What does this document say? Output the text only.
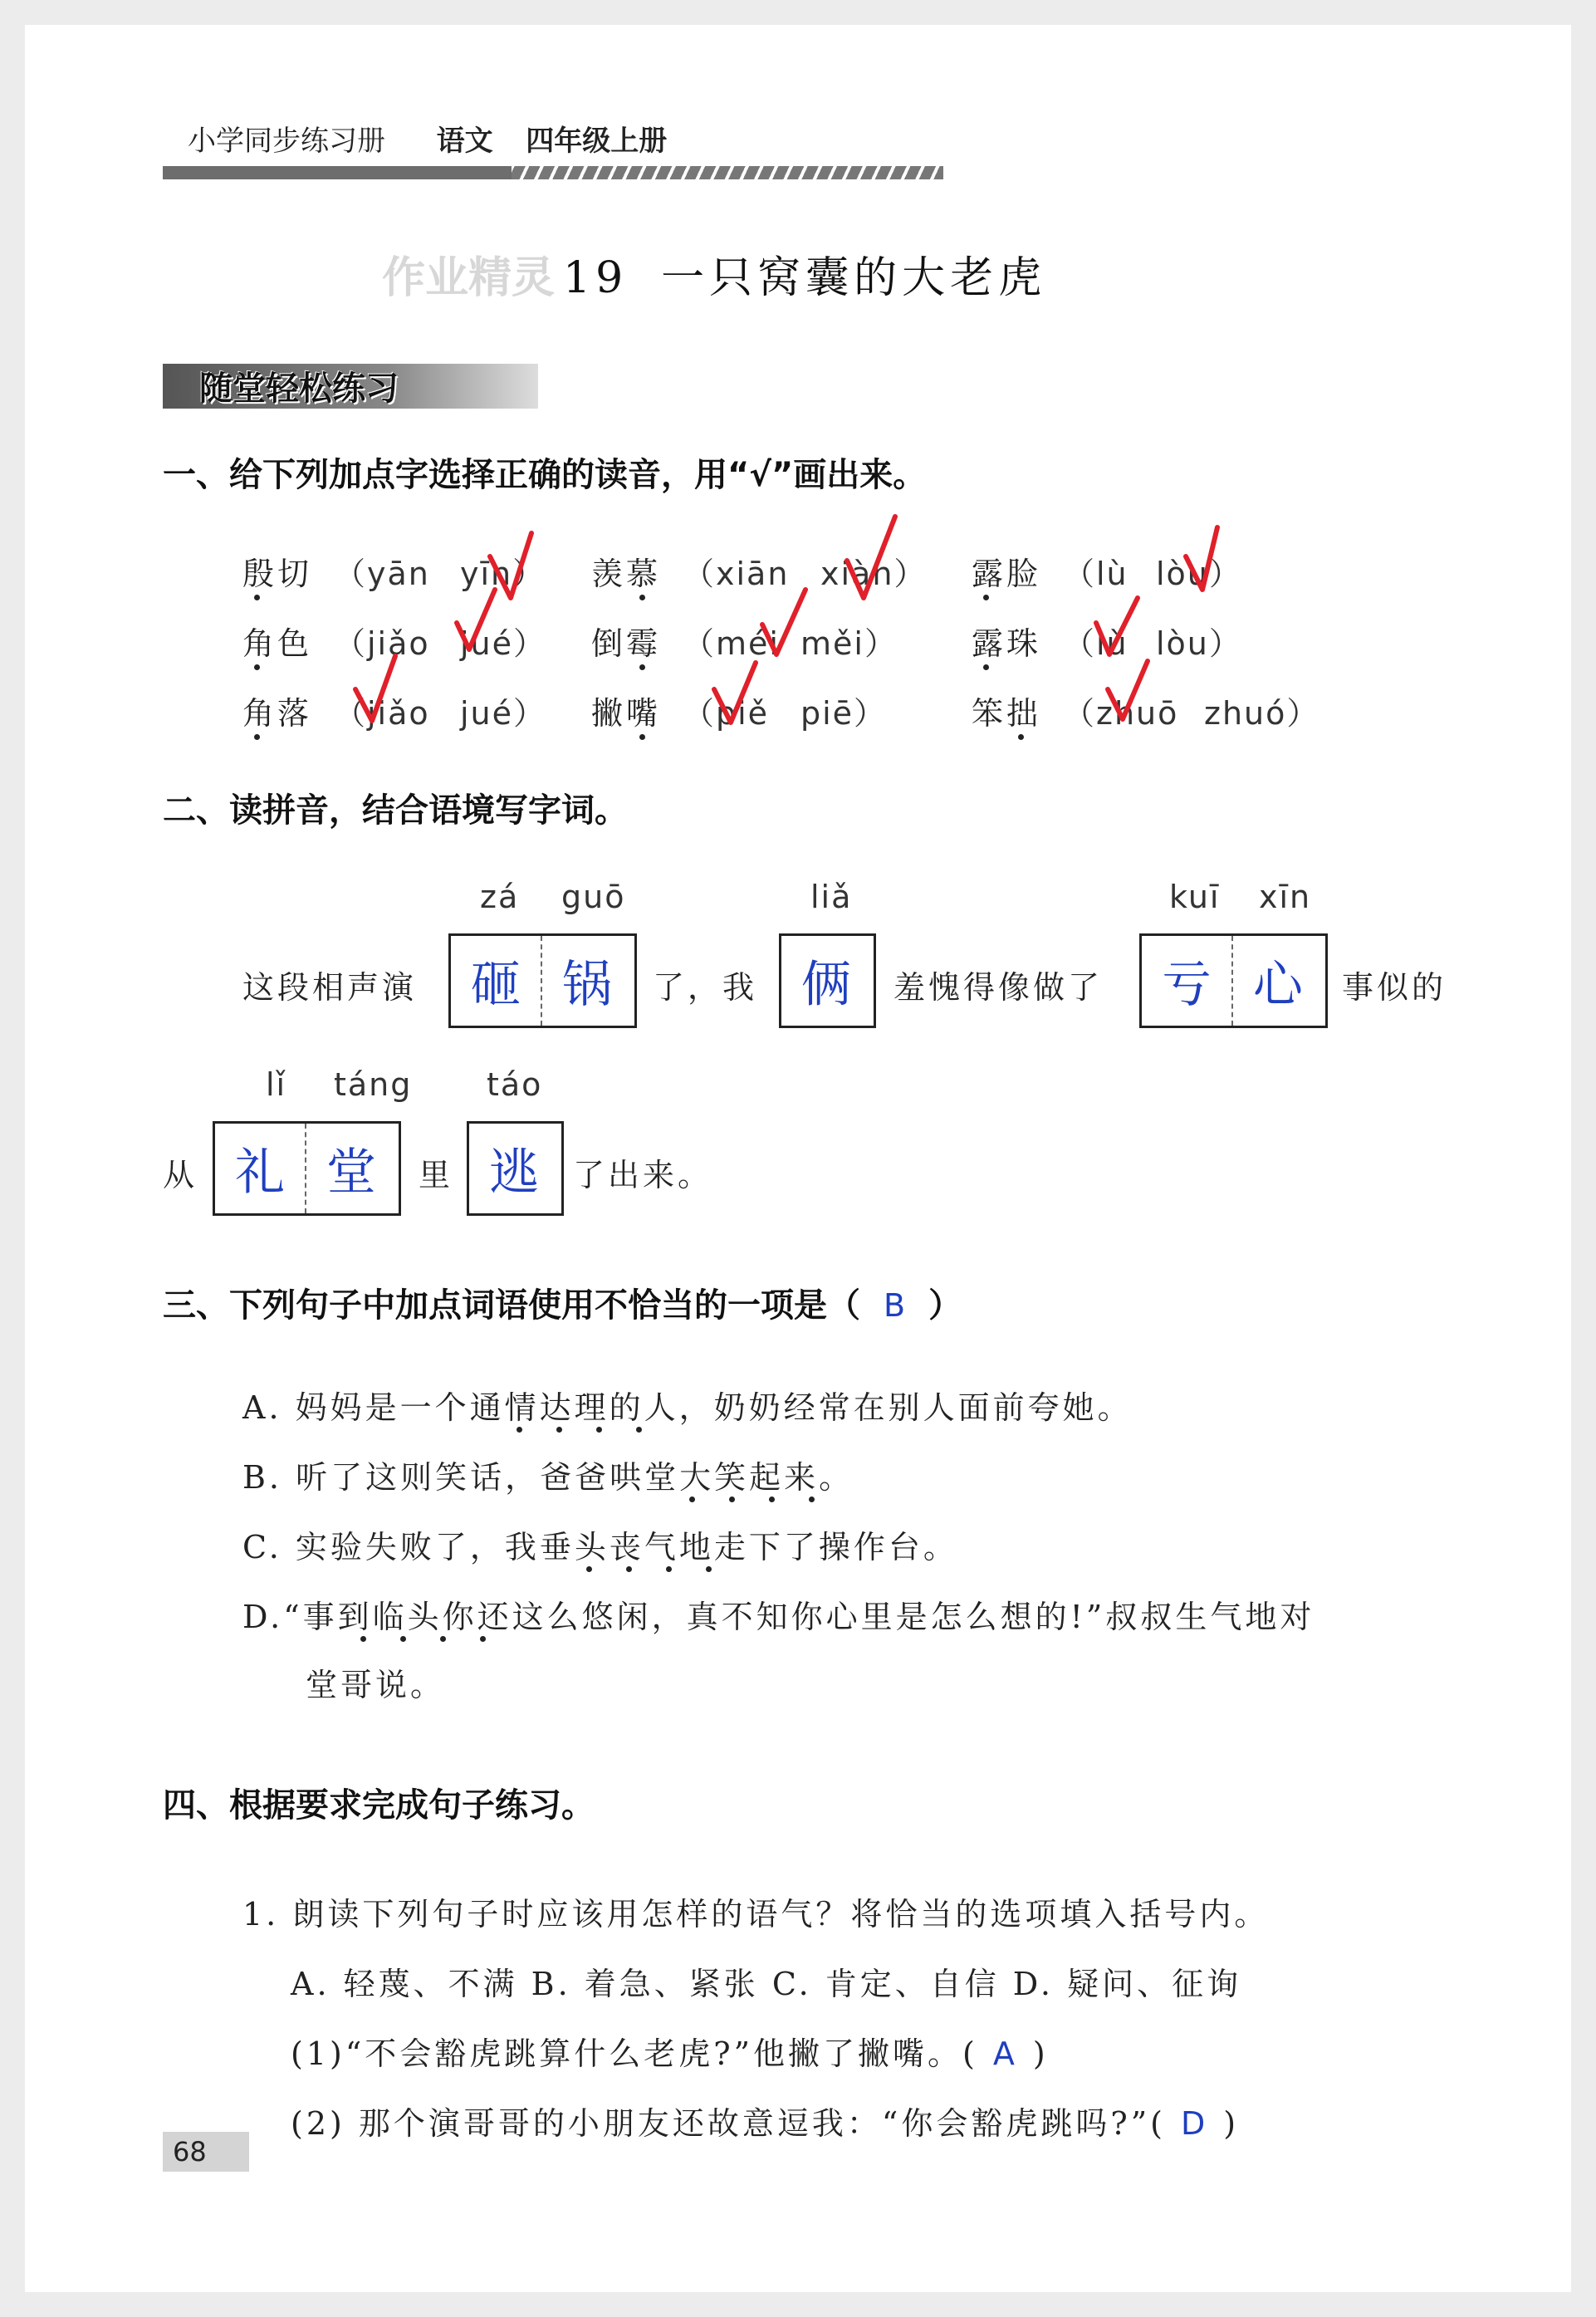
小学同步练习册 语文 四年级上册
作业精灵 19 一只窝囊的大老虎
随堂轻松练习
一、给下列加点字选择正确的读音，用“√”画出来。
殷切 （yān yīn） 羡慕 （xiān xiàn） 露脸 （lù lòu）
角色 （jiǎo jué） 倒霉 （méi měi） 露珠 （lù lòu）
角落 （jiǎo jué） 撇嘴 （piě piē）	笨拙 （zhuō zhuó）
二、读拼音，结合语境写字词。
zá guō	liǎ	kuī xīn
这段相声演	砸 锅	了，我 俩	羞愧得像做了	亏 心	事似的
lǐ táng táo
从 礼 堂	里 逃	了出来。
三、下列句子中加点词语使用不恰当的一项是（ B ）
A. 妈妈是一个通情达理的人，奶奶经常在别人面前夸她。
B. 听了这则笑话，爸爸哄堂大笑起来。
C. 实验失败了，我垂头丧气地走下了操作台。
D.“事到临头你还这么悠闲，真不知你心里是怎么想的!”叔叔生气地对
堂哥说。
四、根据要求完成句子练习。
1. 朗读下列句子时应该用怎样的语气？将恰当的选项填入括号内。
A. 轻蔑、不满 B. 着急、紧张 C. 肯定、自信 D. 疑问、征询
(1)“不会豁虎跳算什么老虎?”他撇了撇嘴。( A )
(2) 那个演哥哥的小朋友还故意逗我：“你会豁虎跳吗?”( D )
68
